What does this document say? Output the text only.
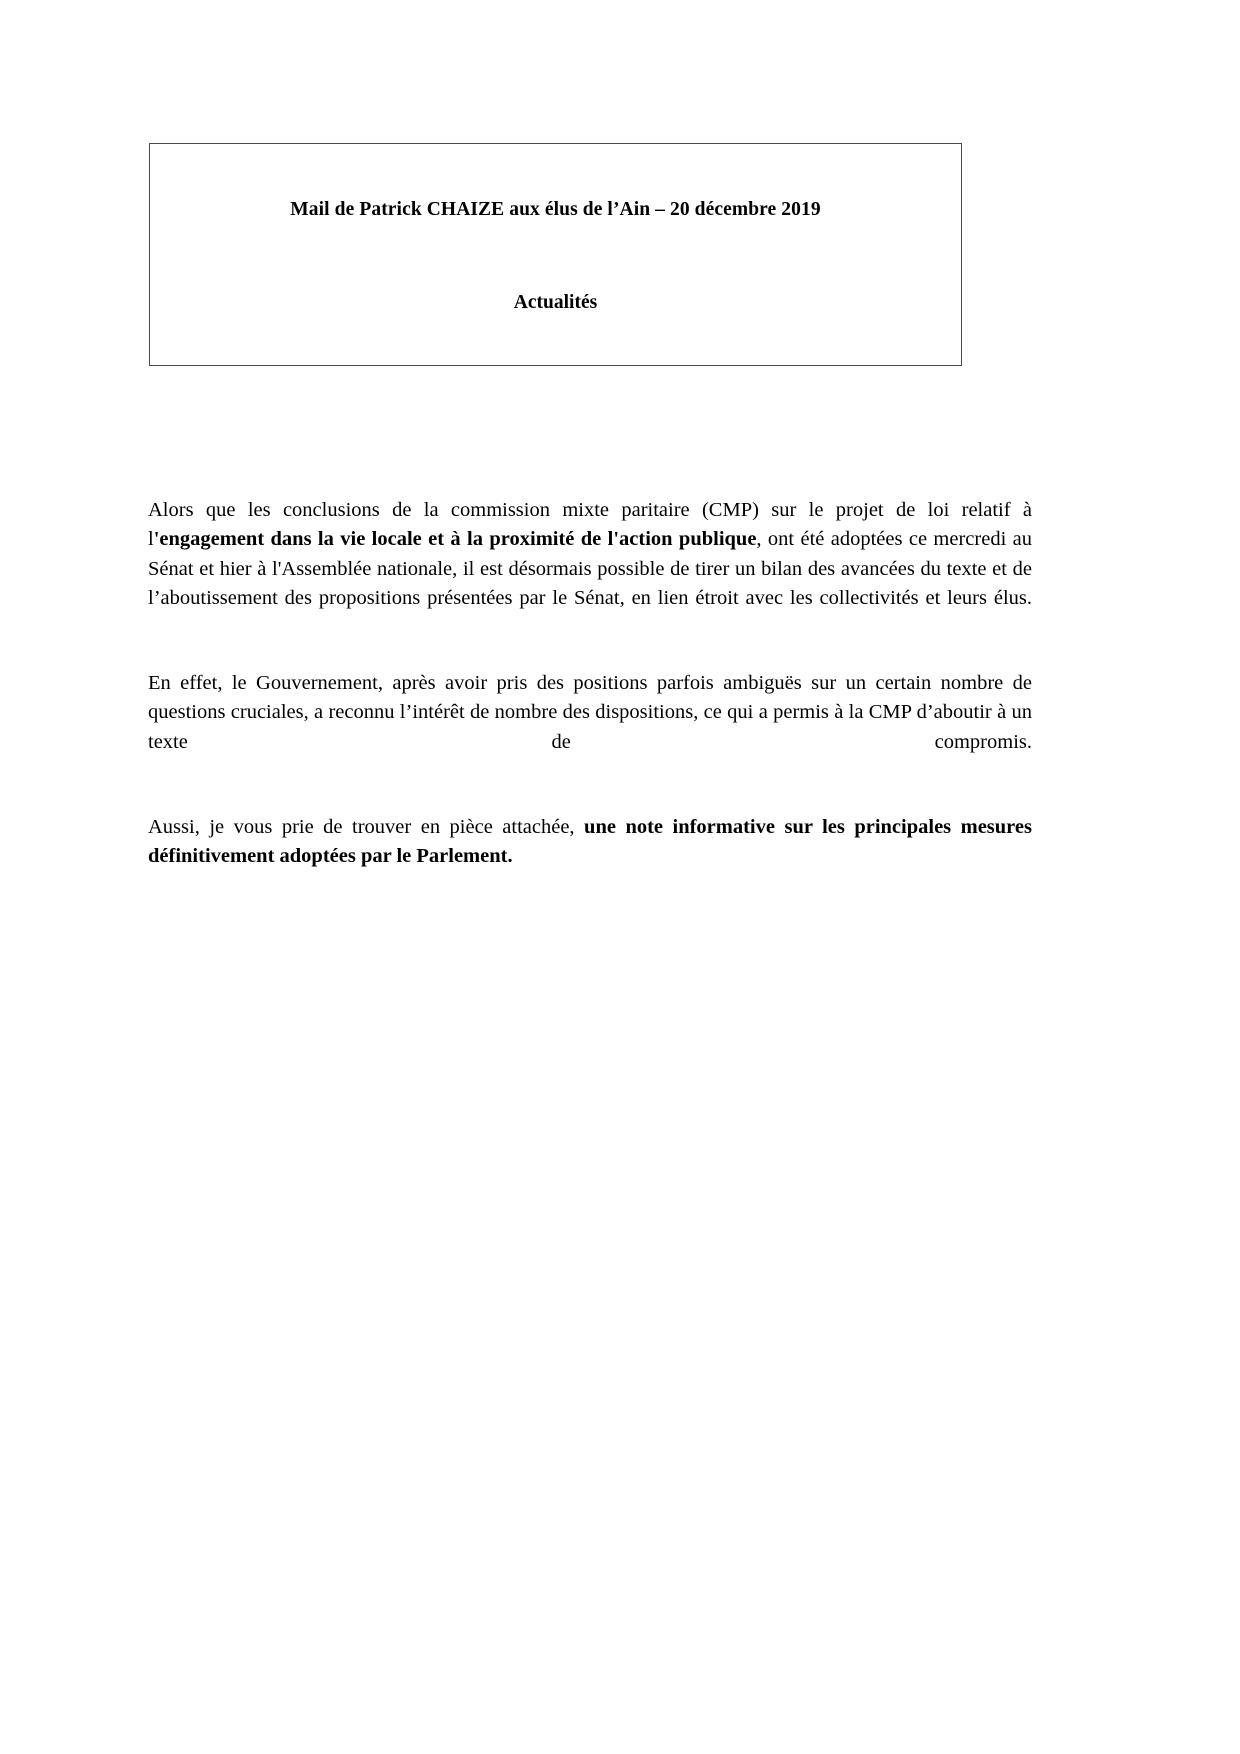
Mail de Patrick CHAIZE aux élus de l’Ain – 20 décembre 2019
Actualités

Alors que les conclusions de la commission mixte paritaire (CMP) sur le projet de loi relatif à l'engagement dans la vie locale et à la proximité de l'action publique, ont été adoptées ce mercredi au Sénat et hier à l'Assemblée nationale, il est désormais possible de tirer un bilan des avancées du texte et de l’aboutissement des propositions présentées par le Sénat, en lien étroit avec les collectivités et leurs élus.

En effet, le Gouvernement, après avoir pris des positions parfois ambiguës sur un certain nombre de questions cruciales, a reconnu l’intérêt de nombre des dispositions, ce qui a permis à la CMP d’aboutir à un texte de compromis.

Aussi, je vous prie de trouver en pièce attachée, une note informative sur les principales mesures définitivement adoptées par le Parlement.
